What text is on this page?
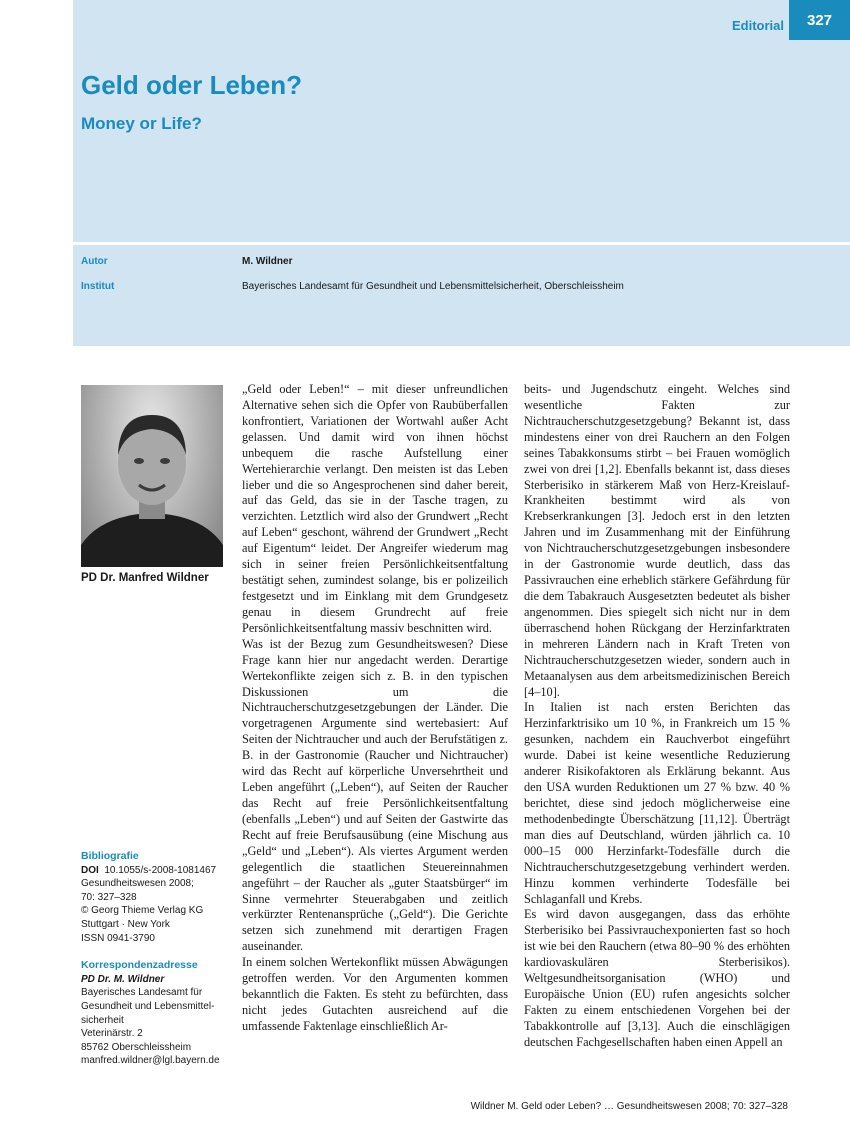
Editorial	327
Geld oder Leben?
Money or Life?
Autor	M. Wildner
Institut	Bayerisches Landesamt für Gesundheit und Lebensmittelsicherheit, Oberschleissheim
PD Dr. Manfred Wildner
Bibliografie
DOI 10.1055/s-2008-1081467
Gesundheitswesen 2008;
70: 327–328
© Georg Thieme Verlag KG
Stuttgart · New York
ISSN 0941-3790
Korrespondenzadresse
PD Dr. M. Wildner
Bayerisches Landesamt für
Gesundheit und Lebensmittel-
sicherheit
Veterinärstr. 2
85762 Oberschleissheim
manfred.wildner@lgl.bayern.de

„Geld oder Leben!“ – mit dieser unfreundlichen Alternative sehen sich die Opfer von Raubüberfallen konfrontiert, Variationen der Wortwahl außer Acht gelassen. Und damit wird von ihnen höchst unbequem die rasche Aufstellung einer Wertehierarchie verlangt. Den meisten ist das Leben lieber und die so Angesprochenen sind daher bereit, auf das Geld, das sie in der Tasche tragen, zu verzichten. Letztlich wird also der Grundwert „Recht auf Leben“ geschont, während der Grundwert „Recht auf Eigentum“ leidet. Der Angreifer wiederum mag sich in seiner freien Persönlichkeitsentfaltung bestätigt sehen, zumindest solange, bis er polizeilich festgesetzt und im Einklang mit dem Grundgesetz genau in diesem Grundrecht auf freie Persönlichkeitsentfaltung massiv beschnitten wird.

Was ist der Bezug zum Gesundheitswesen? Diese Frage kann hier nur angedacht werden. Derartige Wertekonflikte zeigen sich z. B. in den typischen Diskussionen um die Nichtraucherschutzgesetzgebungen der Länder. Die vorgetragenen Argumente sind wertebasiert: Auf Seiten der Nichtraucher und auch der Berufstätigen z. B. in der Gastronomie (Raucher und Nichtraucher) wird das Recht auf körperliche Unversehrtheit und Leben angeführt („Leben“), auf Seiten der Raucher das Recht auf freie Persönlichkeitsentfaltung (ebenfalls „Leben“) und auf Seiten der Gastwirte das Recht auf freie Berufsausübung (eine Mischung aus „Geld“ und „Leben“). Als viertes Argument werden gelegentlich die staatlichen Steuereinnahmen angeführt – der Raucher als „guter Staatsbürger“ im Sinne vermehrter Steuerabgaben und zeitlich verkürzter Rentenansprüche („Geld“). Die Gerichte setzen sich zunehmend mit derartigen Fragen auseinander.

In einem solchen Wertekonflikt müssen Abwägungen getroffen werden. Vor den Argumenten kommen bekanntlich die Fakten. Es steht zu befürchten, dass nicht jedes Gutachten ausreichend auf die umfassende Faktenlage einschließlich Ar-

beits- und Jugendschutz eingeht. Welches sind wesentliche Fakten zur Nichtraucherschutzgesetzgebung? Bekannt ist, dass mindestens einer von drei Rauchern an den Folgen seines Tabakkonsums stirbt – bei Frauen womöglich zwei von drei [1,2]. Ebenfalls bekannt ist, dass dieses Sterberisiko in stärkerem Maß von Herz-Kreislauf-Krankheiten bestimmt wird als von Krebserkrankungen [3]. Jedoch erst in den letzten Jahren und im Zusammenhang mit der Einführung von Nichtraucherschutzgesetzgebungen insbesondere in der Gastronomie wurde deutlich, dass das Passivrauchen eine erheblich stärkere Gefährdung für die dem Tabakrauch Ausgesetzten bedeutet als bisher angenommen. Dies spiegelt sich nicht nur in dem überraschend hohen Rückgang der Herzinfarktraten in mehreren Ländern nach in Kraft Treten von Nichtraucherschutzgesetzen wieder, sondern auch in Metaanalysen aus dem arbeitsmedizinischen Bereich [4–10].

In Italien ist nach ersten Berichten das Herzinfarktrisiko um 10 %, in Frankreich um 15 % gesunken, nachdem ein Rauchverbot eingeführt wurde. Dabei ist keine wesentliche Reduzierung anderer Risikofaktoren als Erklärung bekannt. Aus den USA wurden Reduktionen um 27 % bzw. 40 % berichtet, diese sind jedoch möglicherweise eine methodenbedingte Überschätzung [11,12]. Überträgt man dies auf Deutschland, würden jährlich ca. 10 000–15 000 Herzinfarkt-Todesfälle durch die Nichtraucherschutzgesetzgebung verhindert werden. Hinzu kommen verhinderte Todesfälle bei Schlaganfall und Krebs.

Es wird davon ausgegangen, dass das erhöhte Sterberisiko bei Passivrauchexponierten fast so hoch ist wie bei den Rauchern (etwa 80–90 % des erhöhten kardiovaskulären Sterberisikos). Weltgesundheitsorganisation (WHO) und Europäische Union (EU) rufen angesichts solcher Fakten zu einem entschiedenen Vorgehen bei der Tabakkontrolle auf [3,13]. Auch die einschlägigen deutschen Fachgesellschaften haben einen Appell an

Wildner M. Geld oder Leben? … Gesundheitswesen 2008; 70: 327–328
